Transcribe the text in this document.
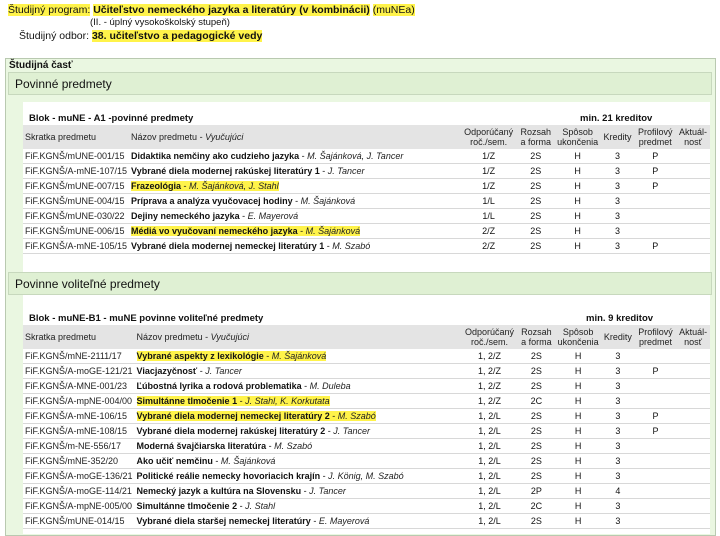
Študijný program: Učiteľstvo nemeckého jazyka a literatúry (v kombinácii) (muNEa)
(II. - úplný vysokoškolský stupeň)
Študijný odbor: 38. učiteľstvo a pedagogické vedy
Študijná časť
Povinné predmety
Blok - muNE - A1 -povinné predmety	min. 21 kreditov
Skratka predmetu	Názov predmetu - Vyučujúci	Odporúčaný roč./sem.	Rozsah a forma	Spôsob ukončenia	Kredity	Profilový predmet	Aktuál-nosť
FiF.KGNŠ/mUNE-001/15	Didaktika nemčiny ako cudzieho jazyka - M. Šajánková, J. Tancer	1/Z	2S	H	3	P	
FiF.KGNŠ/A-mNE-107/15	Vybrané diela modernej rakúskej literatúry 1 - J. Tancer	1/Z	2S	H	3	P	
FiF.KGNŠ/mUNE-007/15	Frazeológia - M. Šajánková, J. Stahl	1/Z	2S	H	3	P	
FiF.KGNŠ/mUNE-004/15	Príprava a analýza vyučovacej hodiny - M. Šajánková	1/L	2S	H	3		
FiF.KGNŠ/mUNE-030/22	Dejiny nemeckého jazyka - E. Mayerová	1/L	2S	H	3		
FiF.KGNŠ/mUNE-006/15	Médiá vo vyučovaní nemeckého jazyka - M. Šajánková	2/Z	2S	H	3		
FiF.KGNŠ/A-mNE-105/15	Vybrané diela modernej nemeckej literatúry 1 - M. Szabó	2/Z	2S	H	3	P	
Povinne voliteľné predmety
Blok - muNE-B1 - muNE povinne voliteľné predmety	min. 9 kreditov
Skratka predmetu	Názov predmetu - Vyučujúci	Odporúčaný roč./sem.	Rozsah a forma	Spôsob ukončenia	Kredity	Profilový predmet	Aktuál-nosť
FiF.KGNŠ/mNE-2111/17	Vybrané aspekty z lexikológie - M. Šajánková	1, 2/Z	2S	H	3		
FiF.KGNŠ/A-moGE-121/21	Viacjazyčnosť - J. Tancer	1, 2/Z	2S	H	3	P	
FiF.KGNŠ/A-MNE-001/23	Ľúbostná lyrika a rodová problematika - M. Duleba	1, 2/Z	2S	H	3		
FiF.KGNŠ/A-mpNE-004/00	Simultánne tlmočenie 1 - J. Stahl, K. Korkutata	1, 2/Z	2C	H	3		
FiF.KGNŠ/A-mNE-106/15	Vybrané diela modernej nemeckej literatúry 2 - M. Szabó	1, 2/L	2S	H	3	P	
FiF.KGNŠ/A-mNE-108/15	Vybrané diela modernej rakúskej literatúry 2 - J. Tancer	1, 2/L	2S	H	3	P	
FiF.KGNŠ/m-NE-556/17	Moderná švajčiarska literatúra - M. Szabó	1, 2/L	2S	H	3		
FiF.KGNŠ/mNE-352/20	Ako učiť nemčinu - M. Šajánková	1, 2/L	2S	H	3		
FiF.KGNŠ/A-moGE-136/21	Politické reálie nemecky hovoriacich krajín - J. König, M. Szabó	1, 2/L	2S	H	3		
FiF.KGNŠ/A-moGE-114/21	Nemecký jazyk a kultúra na Slovensku - J. Tancer	1, 2/L	2P	H	4		
FiF.KGNŠ/A-mpNE-005/00	Simultánne tlmočenie 2 - J. Stahl	1, 2/L	2C	H	3		
FiF.KGNŠ/mUNE-014/15	Vybrané diela staršej nemeckej literatúry - E. Mayerová	1, 2/L	2S	H	3		
